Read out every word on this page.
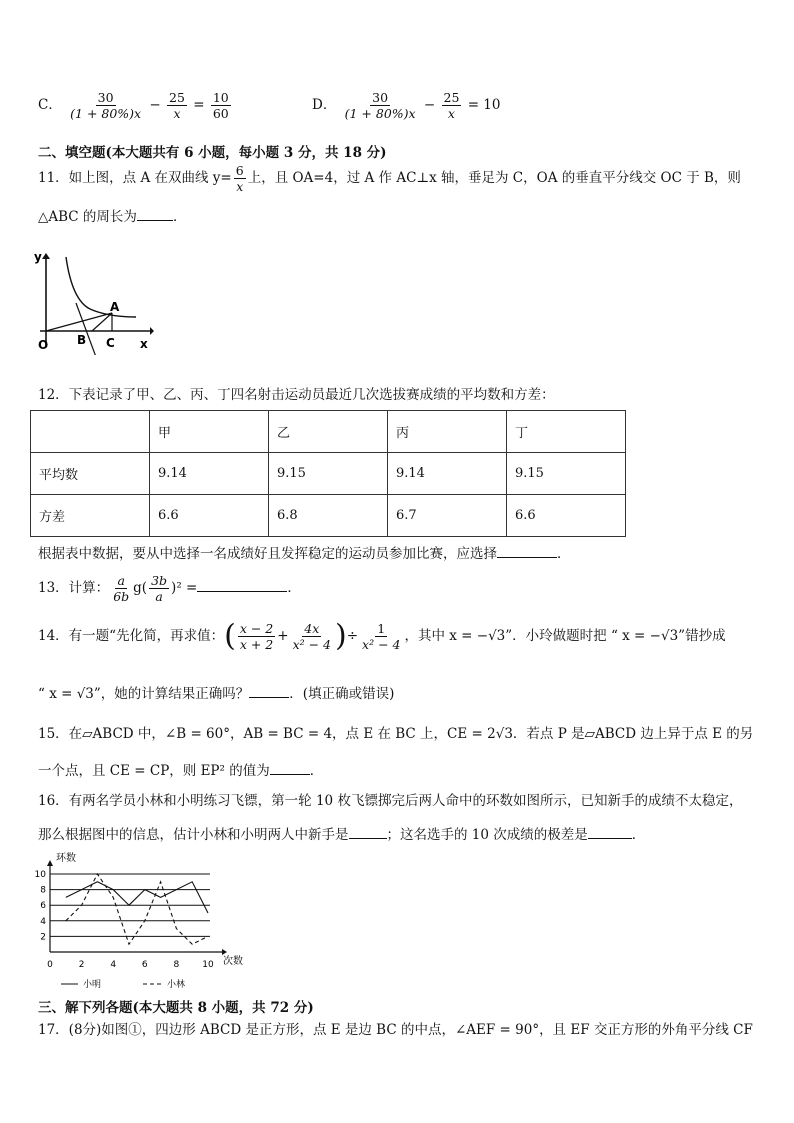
C． $\frac{30}{(1 + 80\%)x} - \frac{25}{x} = \frac{10}{60}$	D． $\frac{30}{(1 + 80\%)x} - \frac{25}{x} = 10$
二、填空题(本大题共有 6 小题，每小题 3 分，共 18 分)
11．如上图，点 A 在双曲线 $y= \frac{6}{x}$ 上，且 OA=4，过 A 作 AC⊥x 轴，垂足为 C，OA 的垂直平分线交 OC 于 B，则
△ABC 的周长为	．
y
x
O B C
A
12．下表记录了甲、乙、丙、丁四名射击运动员最近几次选拔赛成绩的平均数和方差：
	甲	乙	丙	丁
平均数	9.14	9.15	9.14	9.15
方差	6.6	6.8	6.7	6.6
根据表中数据，要从中选择一名成绩好且发挥稳定的运动员参加比赛，应选择	．
13．计算： $\frac{a}{6b} g( \frac{3b}{a} )^2$ =	．
14．有一题“先化简，再求值：( $\frac{x - 2}{x + 2} + \frac{4x}{\text{x² − 4}}$ )÷ $\frac{1}{\text{x² − 4}}$ ，其中 x = −√3”．小玲做题时把 “ x = −√3”错抄成
“ x = √3”，她的计算结果正确吗？	．(填正确或错误)
15．在▱ABCD 中，∠B = 60°，AB = BC = 4，点 E 在 BC 上，CE = 2√3．若点 P 是▱ABCD 边上异于点 E 的另
一个点，且 CE = CP，则 EP² 的值为	．
16．有两名学员小林和小明练习飞镖，第一轮 10 枚飞镖掷完后两人命中的环数如图所示，已知新手的成绩不太稳定，
那么根据图中的信息，估计小林和小明两人中新手是	；这名选手的 10 次成绩的极差是	．
2
4
6
8
10
0	2	4	6	8	10
环数
次数
小明	小林
三、解下列各题(本大题共 8 小题，共 72 分)
17．(8分)如图①，四边形 ABCD 是正方形，点 E 是边 BC 的中点，∠AEF = 90°，且 EF 交正方形的外角平分线 CF
